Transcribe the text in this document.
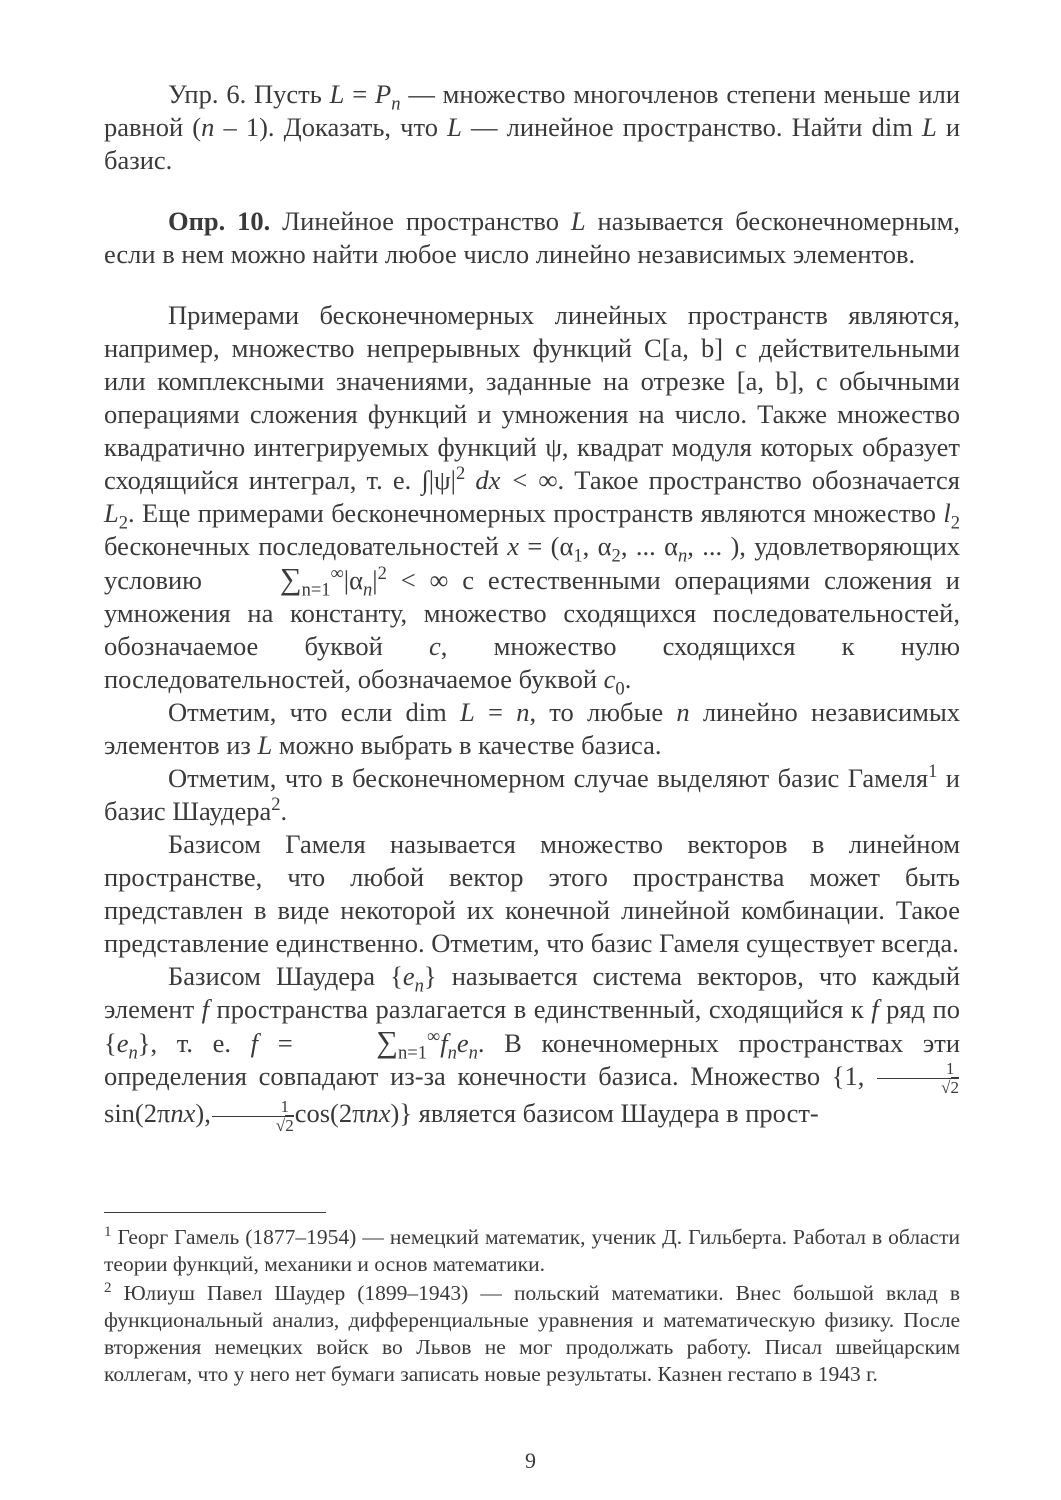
Упр. 6. Пусть $L = P_n$ — множество многочленов степени меньше или равной (n – 1). Доказать, что L — линейное пространство. Найти dim L и базис.

Опр. 10. Линейное пространство L называется бесконечномерным, если в нем можно найти любое число линейно независимых элементов.

Примерами бесконечномерных линейных пространств являются, например, множество непрерывных функций C[a, b] с действительными или комплексными значениями, заданные на отрезке [a, b], с обычными операциями сложения функций и умножения на число. Также множество квадратично интегрируемых функций ψ, квадрат модуля которых образует сходящийся интеграл, т. е. $\int|\psi|^2$ dx < ∞. Такое пространство обозначается $L_2$. Еще примерами бесконечномерных пространств являются множество $l_2$ бесконечных последовательностей $x = (\alpha_1$, $\alpha_2$, ... $\alpha_n$, ... ), удовлетворяющих условию $\sum_{n=1}^\infty|\alpha_n|^2$ < ∞ с естественными операциями сложения и умножения на константу, множество сходящихся последовательностей, обозначаемое буквой c, множество сходящихся к нулю последовательностей, обозначаемое буквой $c_0$.

Отметим, что если dim L = n, то любые n линейно независимых элементов из L можно выбрать в качестве базиса.

Отметим, что в бесконечномерном случае выделяют базис Гамеля$^1$ и базис Шаудера$^2$.

Базисом Гамеля называется множество векторов в линейном пространстве, что любой вектор этого пространства может быть представлен в виде некоторой их конечной линейной комбинации. Такое представление единственно. Отметим, что базис Гамеля существует всегда.

Базисом Шаудера $\{e_n\}$ называется система векторов, что каждый элемент f пространства разлагается в единственный, сходящийся к f ряд по $\{e_n\}$, т. е. $f = \sum_{n=1}^\infty f_ne_n$. В конечномерных пространствах эти определения совпадают из-за конечности базиса. Множество {1, $\frac{1}{√2}$
sin(2πnx), $\frac{1}{√2} \cos(2\pi nx)$} является базисом Шаудера в прост-

$^1$ Георг Гамель (1877–1954) — немецкий математик, ученик Д. Гильберта. Работал в области теории функций, механики и основ математики.

$^2$ Юлиуш Павел Шаудер (1899–1943) — польский математики. Внес большой вклад в функциональный анализ, дифференциальные уравнения и математическую физику. После вторжения немецких войск во Львов не мог продолжать работу. Писал швейцарским коллегам, что у него нет бумаги записать новые результаты. Казнен гестапо в 1943 г.

9
